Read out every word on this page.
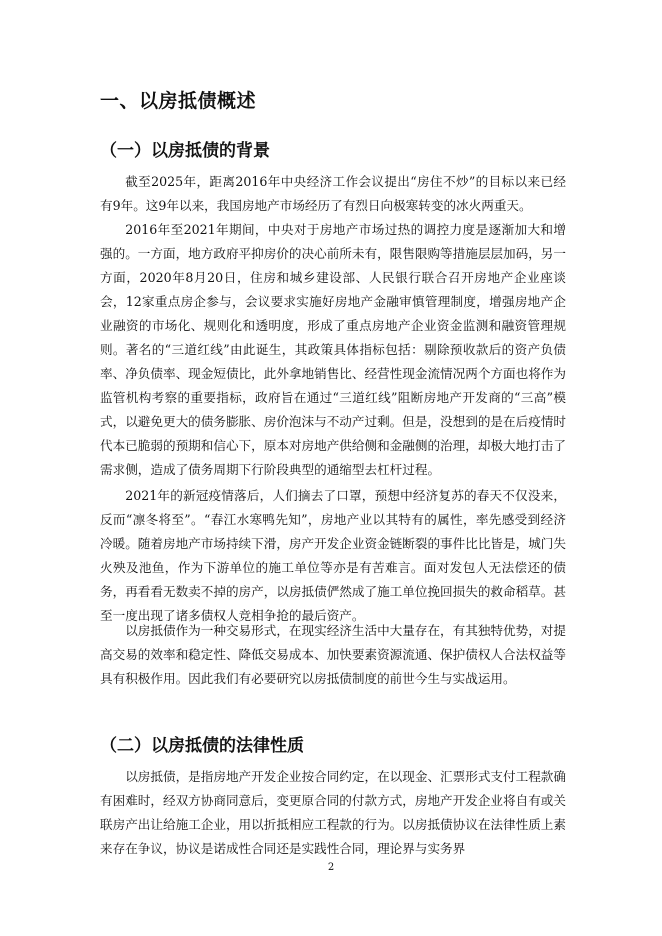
一、以房抵债概述
（一）以房抵债的背景

截至2025年，距离2016年中央经济工作会议提出“房住不炒”的目标以来已经有9年。这9年以来，我国房地产市场经历了有烈日向极寒转变的冰火两重天。

2016年至2021年期间，中央对于房地产市场过热的调控力度是逐渐加大和增强的。一方面，地方政府平抑房价的决心前所未有，限售限购等措施层层加码，另一方面，2020年8月20日，住房和城乡建设部、人民银行联合召开房地产企业座谈会，12家重点房企参与，会议要求实施好房地产金融审慎管理制度，增强房地产企业融资的市场化、规则化和透明度，形成了重点房地产企业资金监测和融资管理规则。著名的“三道红线”由此诞生，其政策具体指标包括：剔除预收款后的资产负债率、净负债率、现金短债比，此外拿地销售比、经营性现金流情况两个方面也将作为监管机构考察的重要指标，政府旨在通过“三道红线”阻断房地产开发商的“三高”模式，以避免更大的债务膨胀、房价泡沫与不动产过剩。但是，没想到的是在后疫情时代本已脆弱的预期和信心下，原本对房地产供给侧和金融侧的治理，却极大地打击了需求侧，造成了债务周期下行阶段典型的通缩型去杠杆过程。

2021年的新冠疫情落后，人们摘去了口罩，预想中经济复苏的春天不仅没来，反而“凛冬将至”。“春江水寒鸭先知”，房地产业以其特有的属性，率先感受到经济冷暖。随着房地产市场持续下滑，房产开发企业资金链断裂的事件比比皆是，城门失火殃及池鱼，作为下游单位的施工单位等亦是有苦难言。面对发包人无法偿还的债务，再看看无数卖不掉的房产，以房抵债俨然成了施工单位挽回损失的救命稻草。甚至一度出现了诸多债权人竞相争抢的最后资产。

以房抵债作为一种交易形式，在现实经济生活中大量存在，有其独特优势，对提高交易的效率和稳定性、降低交易成本、加快要素资源流通、保护债权人合法权益等具有积极作用。因此我们有必要研究以房抵债制度的前世今生与实战运用。

（二）以房抵债的法律性质

以房抵债，是指房地产开发企业按合同约定，在以现金、汇票形式支付工程款确有困难时，经双方协商同意后，变更原合同的付款方式，房地产开发企业将自有或关联房产出让给施工企业，用以折抵相应工程款的行为。以房抵债协议在法律性质上素来存在争议，协议是诺成性合同还是实践性合同，理论界与实务界

2
